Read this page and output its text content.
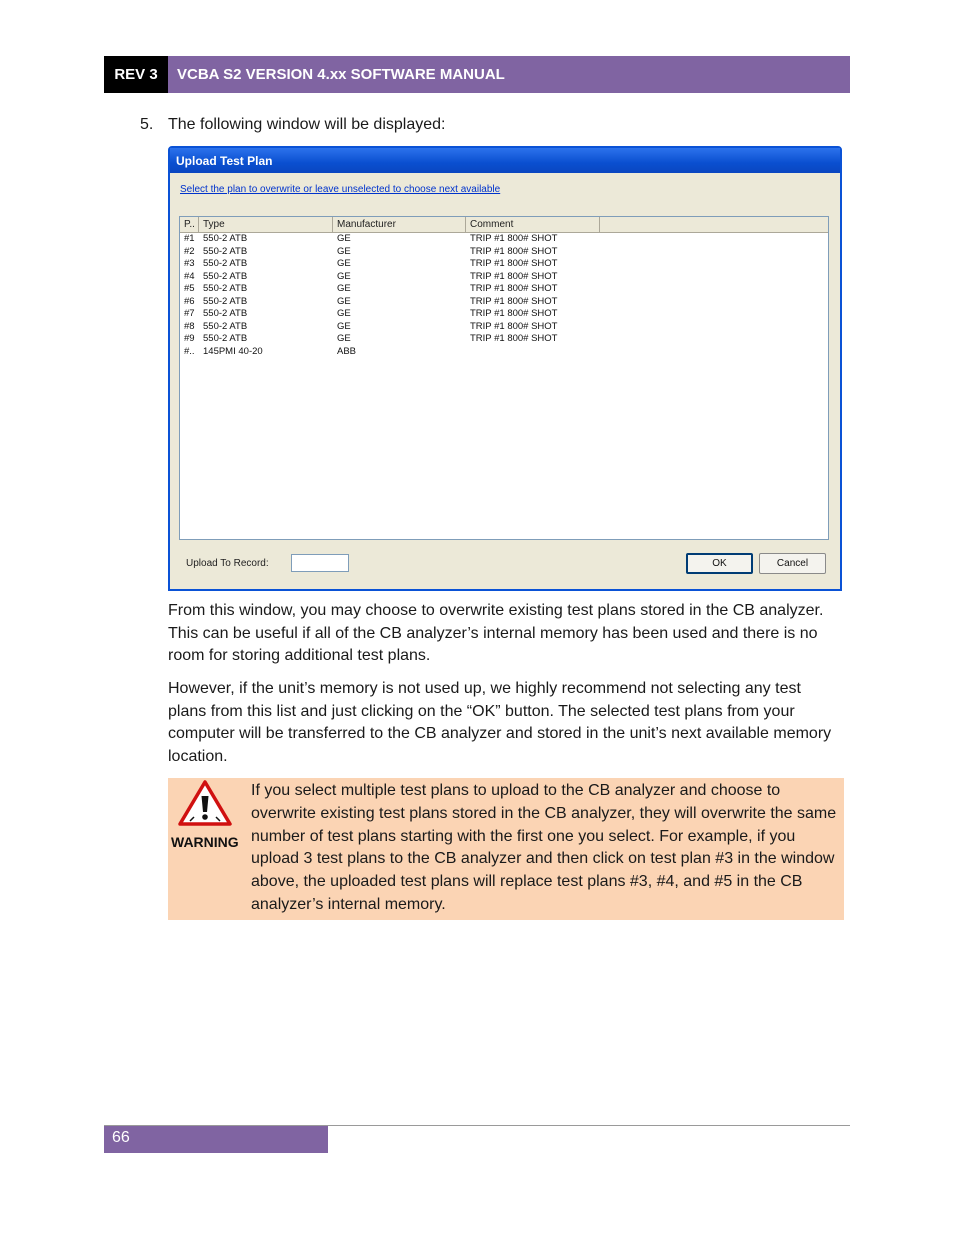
REV 3	VCBA S2 VERSION 4.xx SOFTWARE MANUAL
5. The following window will be displayed:
Upload Test Plan
Select the plan to overwrite or leave unselected to choose next available
P.. Type	Manufacturer	Comment
#1 550-2 ATB	GE	TRIP #1 800# SHOT
#2 550-2 ATB	GE	TRIP #1 800# SHOT
#3 550-2 ATB	GE	TRIP #1 800# SHOT
#4 550-2 ATB	GE	TRIP #1 800# SHOT
#5 550-2 ATB	GE	TRIP #1 800# SHOT
#6 550-2 ATB	GE	TRIP #1 800# SHOT
#7 550-2 ATB	GE	TRIP #1 800# SHOT
#8 550-2 ATB	GE	TRIP #1 800# SHOT
#9 550-2 ATB	GE	TRIP #1 800# SHOT
#.. 145PMI 40-20	ABB
Upload To Record:	OK	Cancel
From this window, you may choose to overwrite existing test plans stored in the CB analyzer. This can be useful if all of the CB analyzer’s internal memory has been used and there is no room for storing additional test plans.
However, if the unit’s memory is not used up, we highly recommend not selecting any test plans from this list and just clicking on the “OK” button. The selected test plans from your computer will be transferred to the CB analyzer and stored in the unit’s next available memory location.
WARNING
If you select multiple test plans to upload to the CB analyzer and choose to overwrite existing test plans stored in the CB analyzer, they will overwrite the same number of test plans starting with the first one you select. For example, if you upload 3 test plans to the CB analyzer and then click on test plan #3 in the window above, the uploaded test plans will replace test plans #3, #4, and #5 in the CB analyzer’s internal memory.
66
